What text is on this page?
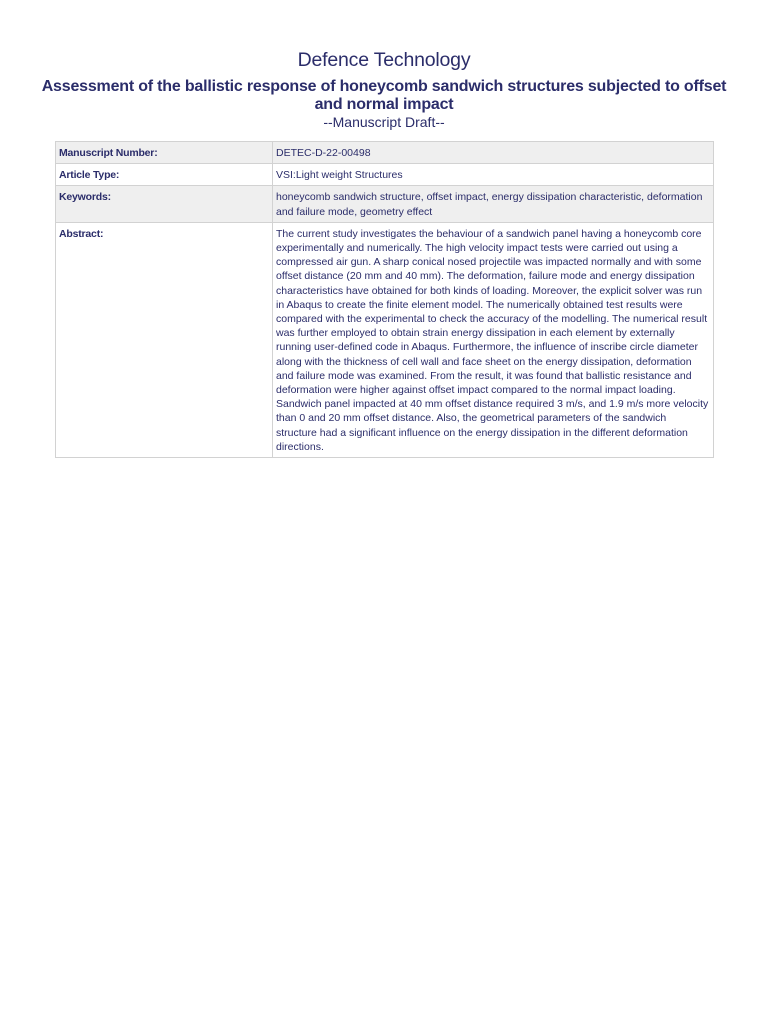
Defence Technology
Assessment of the ballistic response of honeycomb sandwich structures subjected to offset and normal impact
--Manuscript Draft--
Manuscript Number:	DETEC-D-22-00498
Article Type:	VSI:Light weight Structures
Keywords:	honeycomb sandwich structure, offset impact, energy dissipation characteristic, deformation and failure mode, geometry effect
Abstract:	The current study investigates the behaviour of a sandwich panel having a honeycomb core experimentally and numerically. The high velocity impact tests were carried out using a compressed air gun. A sharp conical nosed projectile was impacted normally and with some offset distance (20 mm and 40 mm). The deformation, failure mode and energy dissipation characteristics have obtained for both kinds of loading. Moreover, the explicit solver was run in Abaqus to create the finite element model. The numerically obtained test results were compared with the experimental to check the accuracy of the modelling. The numerical result was further employed to obtain strain energy dissipation in each element by externally running user-defined code in Abaqus. Furthermore, the influence of inscribe circle diameter along with the thickness of cell wall and face sheet on the energy dissipation, deformation and failure mode was examined. From the result, it was found that ballistic resistance and deformation were higher against offset impact compared to the normal impact loading. Sandwich panel impacted at 40 mm offset distance required 3 m/s, and 1.9 m/s more velocity than 0 and 20 mm offset distance. Also, the geometrical parameters of the sandwich structure had a significant influence on the energy dissipation in the different deformation directions.
